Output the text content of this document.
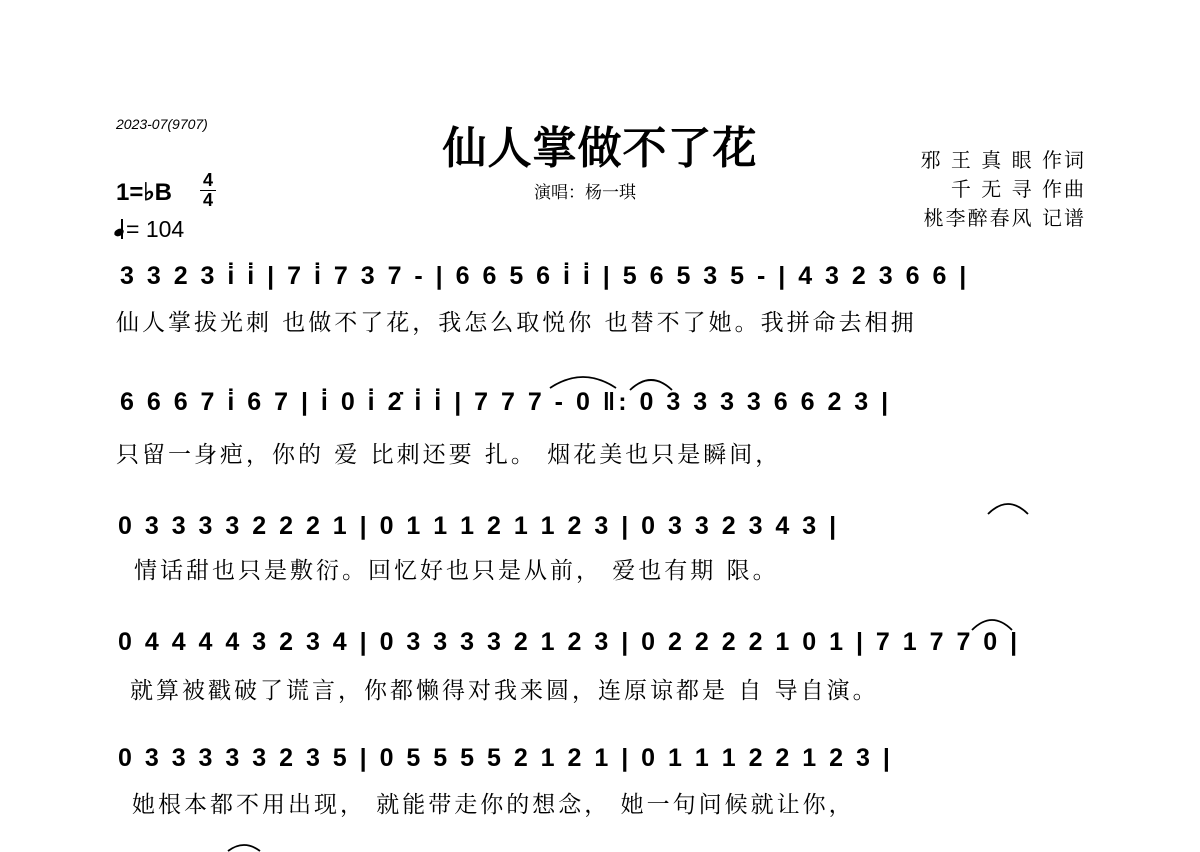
2023-07(9707)	仙人掌做不了花
演唱：杨一琪
邪 王 真 眼 作词
千 无 寻 作曲
桃李醉春风 记谱
1=♭B 4
4
= 104
3 3 2 3 i̇ i̇ | 7 i̇ 7 3 7 - | 6 6 5 6 i̇ i̇ | 5 6 5 3 5 - | 4 3 2 3 6 6 |
仙人掌拔光刺 也做不了花，我怎么取悦你 也替不了她。我拼命去相拥
6 6 6 7 i̇ 6 7 | i̇ 0 i̇ 2̇ i̇ i̇ | 7 7 7 - 0 ‖: 0 3 3 3 3 6 6 2 3 |
只留一身疤，你的 爱 比刺还要 扎。 烟花美也只是瞬间，
0 3 3 3 3 2 2 2 1 | 0 1 1 1 2 1 1 2 3 | 0 3 3 2 3 4 3 |
情话甜也只是敷衍。回忆好也只是从前， 爱也有期 限。
0 4 4 4 4 3 2 3 4 | 0 3 3 3 3 2 1 2 3 | 0 2 2 2 2 1 0 1 | 7 1 7 7 0 |
就算被戳破了谎言，你都懒得对我来圆，连原谅都是 自 导自演。
0 3 3 3 3 3 2 3 5 | 0 5 5 5 5 2 1 2 1 | 0 1 1 1 2 2 1 2 3 |
她根本都不用出现， 就能带走你的想念， 她一句问候就让你，
